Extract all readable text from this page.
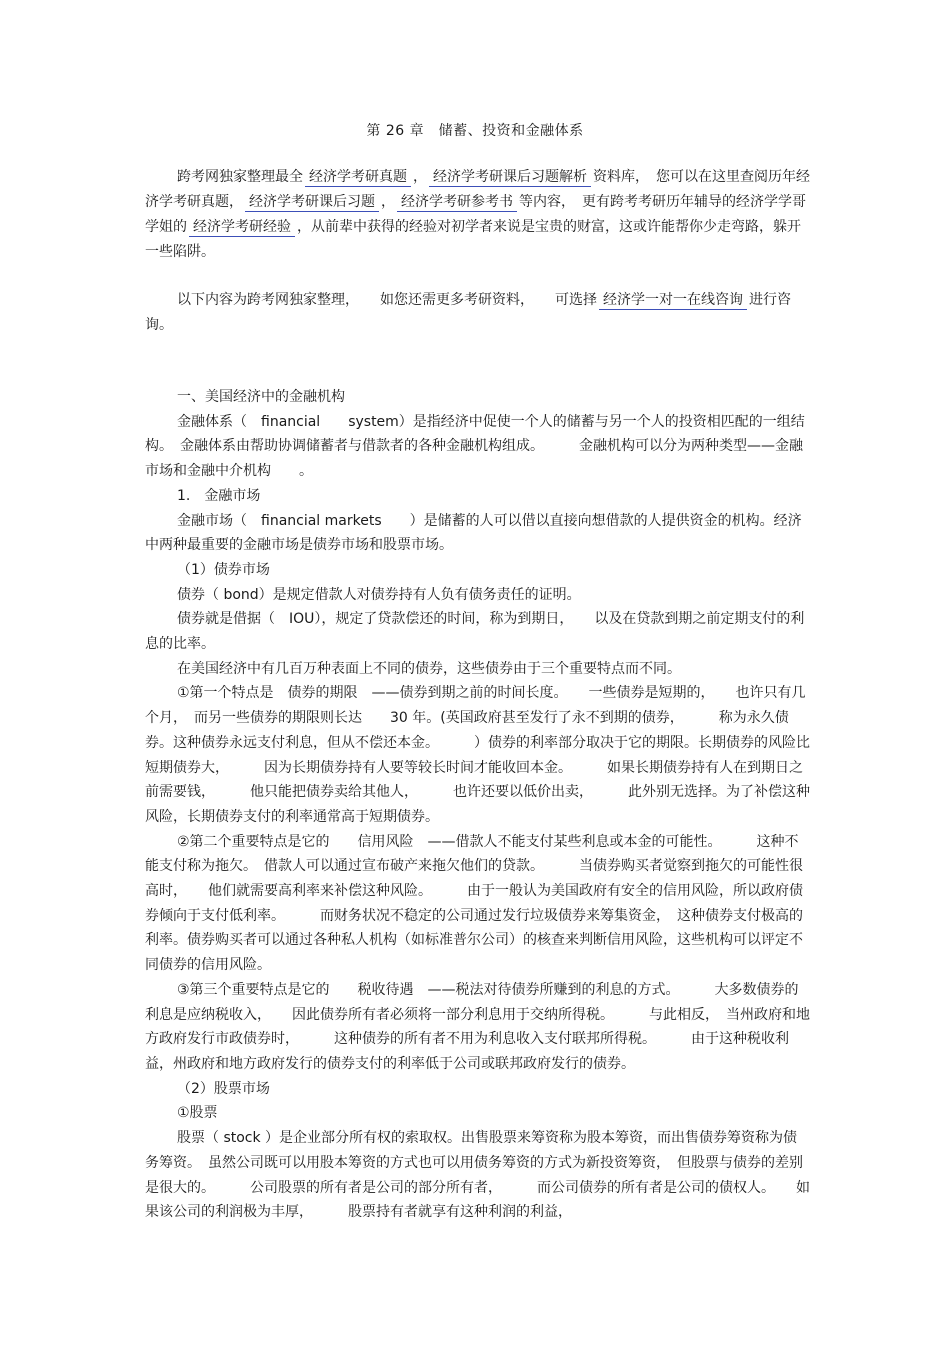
第 26 章　储蓄、投资和金融体系
跨考网独家整理最全 经济学考研真题 ， 经济学考研课后习题解析 资料库，　您可以在这里查阅历年经济学考研真题， 经济学考研课后习题 ， 经济学考研参考书 等内容，　更有跨考考研历年辅导的经济学学哥学姐的 经济学考研经验 ，从前辈中获得的经验对初学者来说是宝贵的财富，这或许能帮你少走弯路，躲开一些陷阱。
以下内容为跨考网独家整理，　　如您还需更多考研资料，　　可选择 经济学一对一在线咨询 进行咨询。

一、美国经济中的金融机构

金融体系（　financial　　system）是指经济中促使一个人的储蓄与另一个人的投资相匹配的一组结构。　金融体系由帮助协调储蓄者与借款者的各种金融机构组成。　　　金融机构可以分为两种类型——金融市场和金融中介机构　　。

1.　金融市场

金融市场（　financial markets　　）是储蓄的人可以借以直接向想借款的人提供资金的机构。经济中两种最重要的金融市场是债券市场和股票市场。

（1）债券市场

债券（ bond）是规定借款人对债券持有人负有债务责任的证明。

债券就是借据（　IOU），规定了贷款偿还的时间，称为到期日，　　以及在贷款到期之前定期支付的利息的比率。

在美国经济中有几百万种表面上不同的债券，这些债券由于三个重要特点而不同。

①第一个特点是　债券的期限　——债券到期之前的时间长度。　　一些债券是短期的，　　也许只有几个月，　而另一些债券的期限则长达　　30 年。(英国政府甚至发行了永不到期的债券，　　　称为永久债券。这种债券永远支付利息，但从不偿还本金。　　　）债券的利率部分取决于它的期限。长期债券的风险比短期债券大，　　　因为长期债券持有人要等较长时间才能收回本金。　　　如果长期债券持有人在到期日之前需要钱，　　　他只能把债券卖给其他人，　　　也许还要以低价出卖，　　　此外别无选择。为了补偿这种风险，长期债券支付的利率通常高于短期债券。

②第二个重要特点是它的　　信用风险　——借款人不能支付某些利息或本金的可能性。　　　这种不能支付称为拖欠。　借款人可以通过宣布破产来拖欠他们的贷款。　　　当债券购买者觉察到拖欠的可能性很高时，　　他们就需要高利率来补偿这种风险。　　　由于一般认为美国政府有安全的信用风险，所以政府债券倾向于支付低利率。　　　而财务状况不稳定的公司通过发行垃圾债券来筹集资金，　这种债券支付极高的利率。债券购买者可以通过各种私人机构（如标准普尔公司）的核查来判断信用风险，这些机构可以评定不同债券的信用风险。

③第三个重要特点是它的　　税收待遇　——税法对待债券所赚到的利息的方式。　　　大多数债券的利息是应纳税收入，　　因此债券所有者必须将一部分利息用于交纳所得税。　　　与此相反，　当州政府和地方政府发行市政债券时，　　　这种债券的所有者不用为利息收入支付联邦所得税。　　　由于这种税收利益，州政府和地方政府发行的债券支付的利率低于公司或联邦政府发行的债券。

（2）股票市场

①股票

股票（ stock ）是企业部分所有权的索取权。出售股票来筹资称为股本筹资，而出售债券筹资称为债务筹资。　虽然公司既可以用股本筹资的方式也可以用债务筹资的方式为新投资筹资，　但股票与债券的差别是很大的。　　　公司股票的所有者是公司的部分所有者，　　　而公司债券的所有者是公司的债权人。　　如果该公司的利润极为丰厚，　　　股票持有者就享有这种利润的利益，
